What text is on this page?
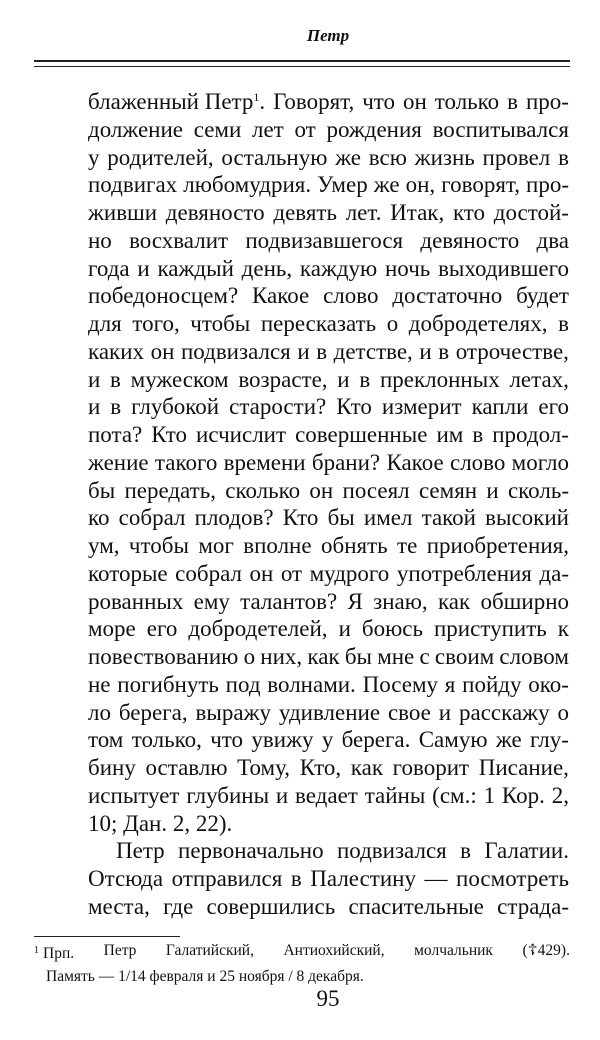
Петр
блаженный Петр$^1$. Говорят, что он только в про-
должение семи лет от рождения воспитывался
у родителей, остальную же всю жизнь провел в
подвигах любомудрия. Умер же он, говорят, про-
живши девяносто девять лет. Итак, кто достой-
но восхвалит подвизавшегося девяносто два
года и каждый день, каждую ночь выходившего
победоносцем? Какое слово достаточно будет
для того, чтобы пересказать о добродетелях, в
каких он подвизался и в детстве, и в отрочестве,
и в мужеском возрасте, и в преклонных летах,
и в глубокой старости? Кто измерит капли его
пота? Кто исчислит совершенные им в продол-
жение такого времени брани? Какое слово могло
бы передать, сколько он посеял семян и сколь-
ко собрал плодов? Кто бы имел такой высокий
ум, чтобы мог вполне обнять те приобретения,
которые собрал он от мудрого употребления да-
рованных ему талантов? Я знаю, как обширно
море его добродетелей, и боюсь приступить к
повествованию о них, как бы мне с своим словом
не погибнуть под волнами. Посему я пойду око-
ло берега, выражу удивление свое и расскажу о
том только, что увижу у берега. Самую же глу-
бину оставлю Тому, Кто, как говорит Писание,
испытует глубины и ведает тайны (см.: 1 Кор. 2,
10; Дан. 2, 22).
Петр первоначально подвизался в Галатии.
Отсюда отправился в Палестину — посмотреть
места, где совершились спасительные страда-
$^1$ Прп. Петр Галатийский, Антиохийский, молчальник (☦429).
Память — 1/14 февраля и 25 ноября / 8 декабря.
95
